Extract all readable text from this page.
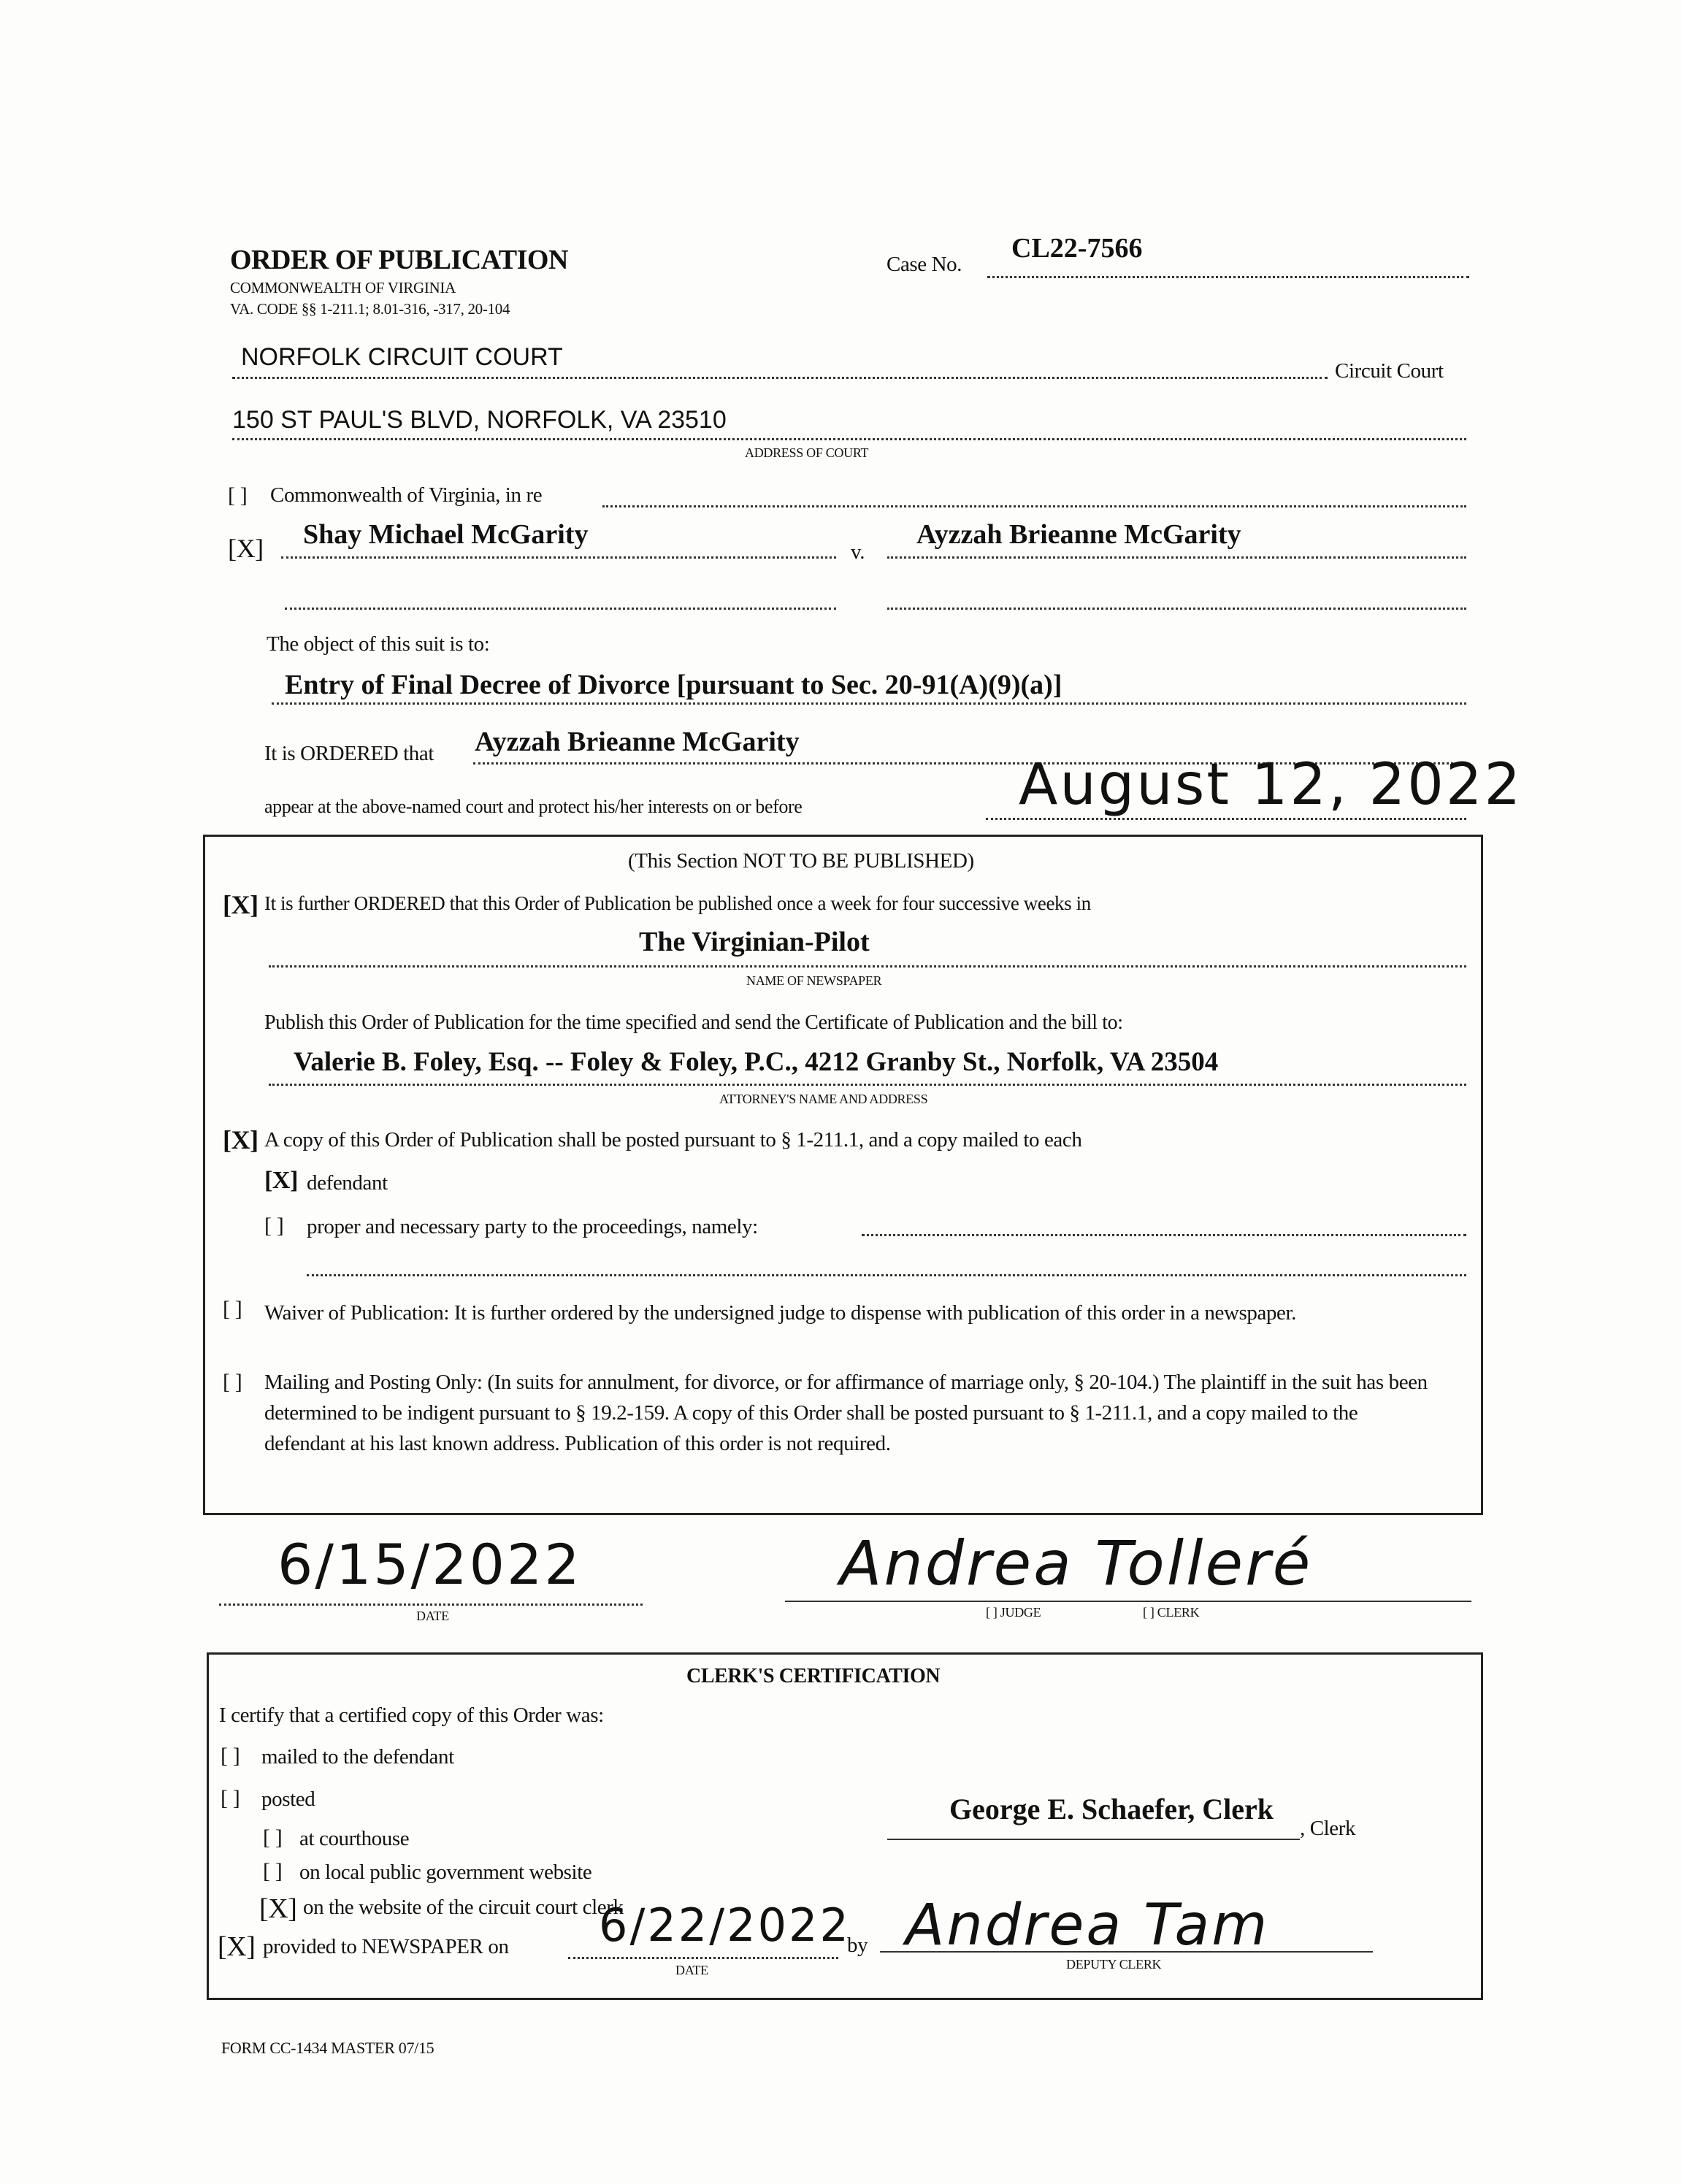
ORDER OF PUBLICATION
COMMONWEALTH OF VIRGINIA
VA. CODE §§ 1-211.1; 8.01-316, -317, 20-104
Case No.
CL22-7566
NORFOLK CIRCUIT COURT	Circuit Court
150 ST PAUL'S BLVD, NORFOLK, VA 23510
ADDRESS OF COURT
[ ] Commonwealth of Virginia, in re
[X] Shay Michael McGarity
v.
Ayzzah Brieanne McGarity
The object of this suit is to:
Entry of Final Decree of Divorce [pursuant to Sec. 20-91(A)(9)(a)]
It is ORDERED that Ayzzah Brieanne McGarity
appear at the above-named court and protect his/her interests on or before	August 12, 2022
(This Section NOT TO BE PUBLISHED)
[X] It is further ORDERED that this Order of Publication be published once a week for four successive weeks in
The Virginian-Pilot
NAME OF NEWSPAPER
Publish this Order of Publication for the time specified and send the Certificate of Publication and the bill to:
Valerie B. Foley, Esq. -- Foley & Foley, P.C., 4212 Granby St., Norfolk, VA 23504
ATTORNEY'S NAME AND ADDRESS
[X] A copy of this Order of Publication shall be posted pursuant to § 1-211.1, and a copy mailed to each
[X] defendant
[ ] proper and necessary party to the proceedings, namely:
[ ] Waiver of Publication: It is further ordered by the undersigned judge to dispense with publication of this order in a newspaper.
[ ] Mailing and Posting Only: (In suits for annulment, for divorce, or for affirmance of marriage only, § 20-104.) The plaintiff in the suit has been determined to be indigent pursuant to § 19.2-159. A copy of this Order shall be posted pursuant to § 1-211.1, and a copy mailed to the defendant at his last known address. Publication of this order is not required.
6/15/2022
DATE
Andrea Tolleré
[ ] JUDGE	[ ] CLERK
CLERK'S CERTIFICATION
I certify that a certified copy of this Order was:
[ ] mailed to the defendant
[ ] posted
[ ] at courthouse
[ ] on local public government website
[X] on the website of the circuit court clerk
[X] provided to NEWSPAPER on 6/22/2022
DATE
by Andrea Tam
DEPUTY CLERK
George E. Schaefer, Clerk
, Clerk
FORM CC-1434 MASTER 07/15
